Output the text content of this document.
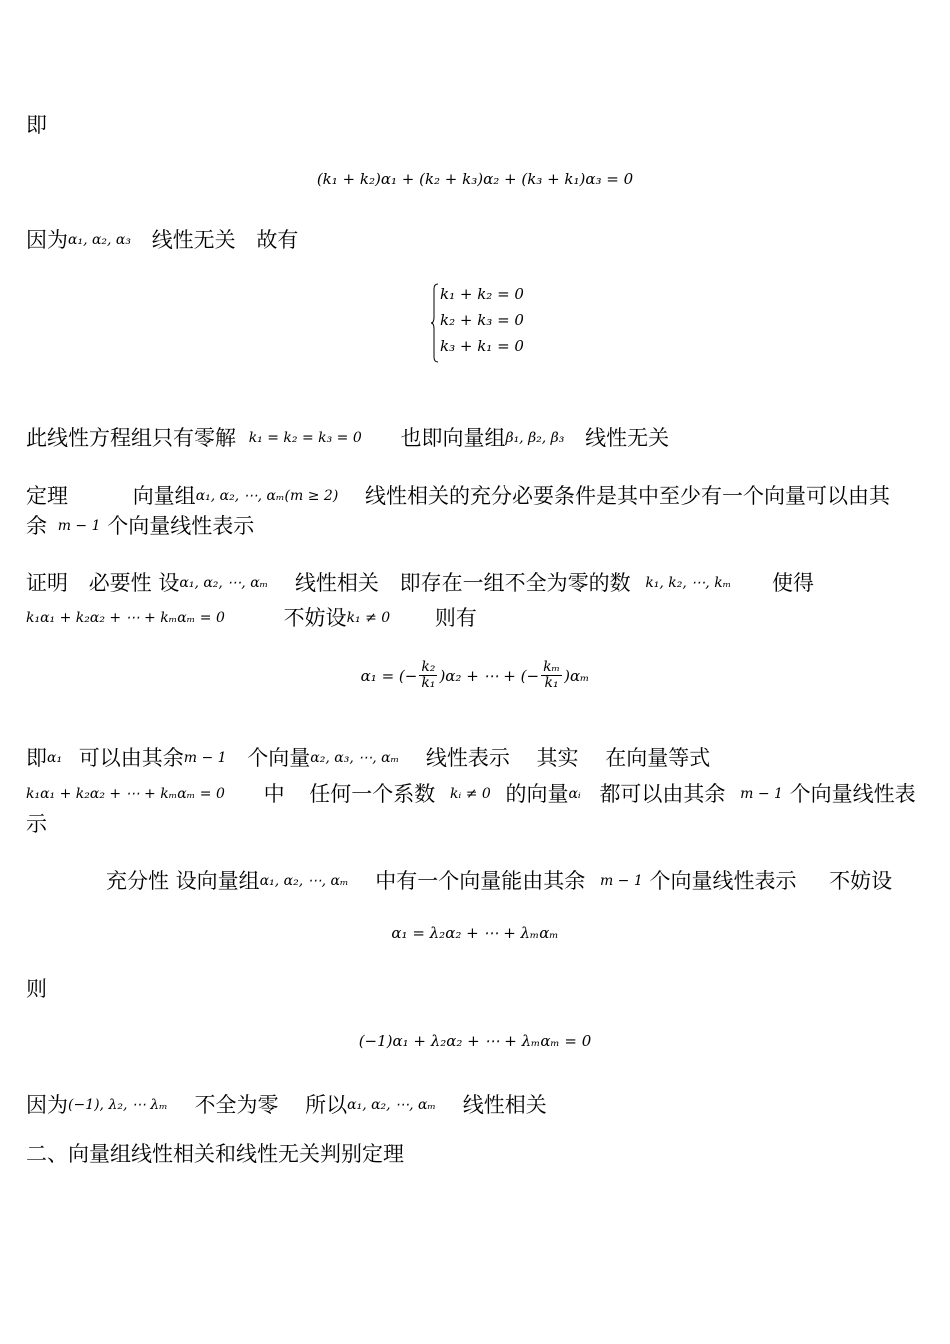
即
(k₁ + k₂)α₁ + (k₂ + k₃)α₂ + (k₃ + k₁)α₃ = 0
因为α₁, α₂, α₃ 线性无关 故有
k₁ + k₂ = 0
k₂ + k₃ = 0
k₃ + k₁ = 0
此线性方程组只有零解 k₁ = k₂ = k₃ = 0 也即向量组β₁, β₂, β₃ 线性无关
定理	向量组α₁, α₂, ⋯, αₘ(m ≥ 2) 线性相关的充分必要条件是其中至少有一个向量可以由其
余 m − 1 个向量线性表示
证明 必要性 设α₁, α₂, ⋯, αₘ 线性相关 即存在一组不全为零的数 k₁, k₂, ⋯, kₘ 使得
k₁α₁ + k₂α₂ + ⋯ + kₘαₘ = 0	不妨设k₁ ≠ 0 则有
α₁ = (− $\frac{\text{k₂}}{\text{k₁}} )\alpha_2$ + ⋯ + (− $\frac{\text{kₘ}}{\text{k₁}} )\alpha_m$
即α₁ 可以由其余m − 1 个向量α₂, α₃, ⋯, αₘ 线性表示 其实 在向量等式
k₁α₁ + k₂α₂ + ⋯ + kₘαₘ = 0 中 任何一个系数 kᵢ ≠ 0 的向量αᵢ 都可以由其余 m − 1 个向量线性表
示
充分性 设向量组α₁, α₂, ⋯, αₘ 中有一个向量能由其余 m − 1 个向量线性表示 不妨设
α₁ = λ₂α₂ + ⋯ + λₘαₘ
则
(−1)α₁ + λ₂α₂ + ⋯ + λₘαₘ = 0
因为(−1), λ₂, ⋯ λₘ 不全为零 所以α₁, α₂, ⋯, αₘ 线性相关
二、向量组线性相关和线性无关判别定理
